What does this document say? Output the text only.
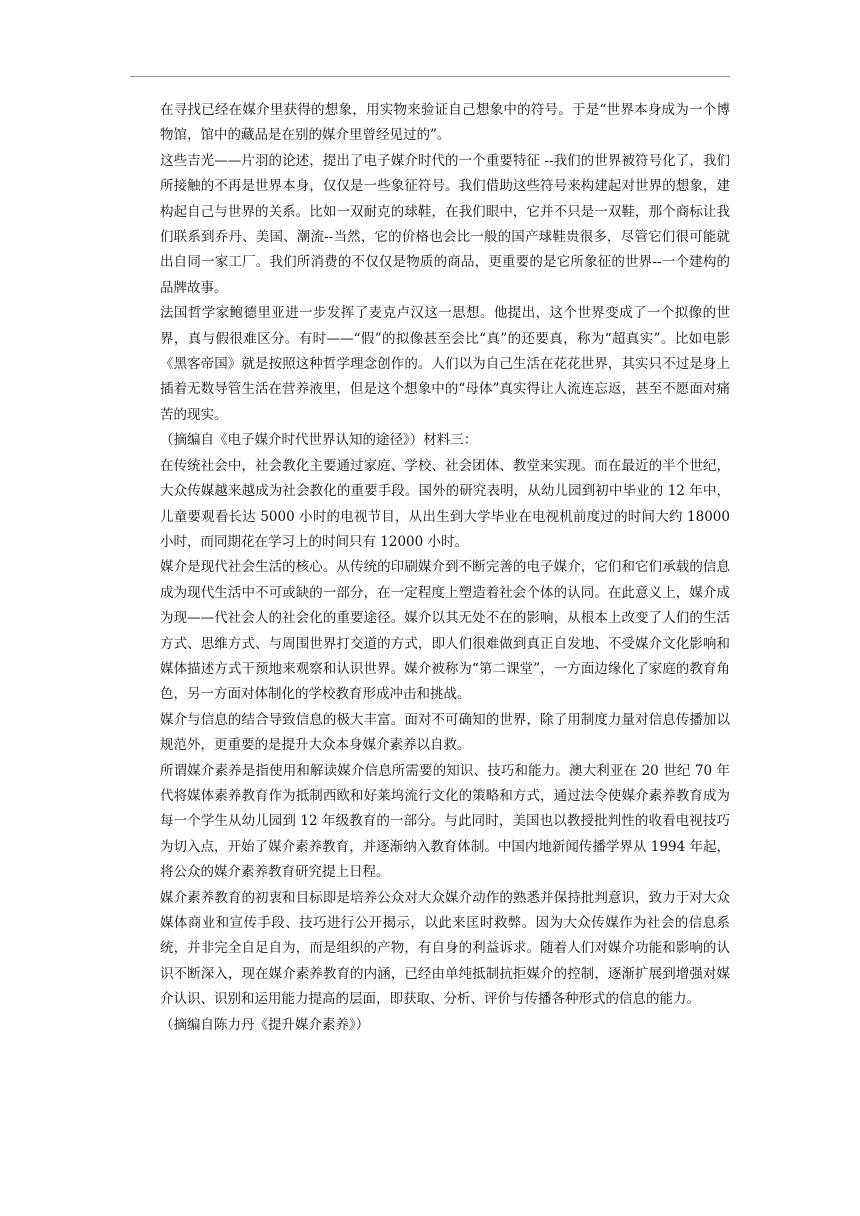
在寻找已经在媒介里获得的想象，用实物来验证自己想象中的符号。于是“世界本身成为一个博物馆，馆中的藏品是在别的媒介里曾经见过的”。

这些吉光——片羽的论述，提出了电子媒介时代的一个重要特征 --我们的世界被符号化了，我们所接触的不再是世界本身，仅仅是一些象征符号。我们借助这些符号来构建起对世界的想象，建构起自己与世界的关系。比如一双耐克的球鞋，在我们眼中，它并不只是一双鞋，那个商标让我们联系到乔丹、美国、潮流--当然，它的价格也会比一般的国产球鞋贵很多，尽管它们很可能就出自同一家工厂。我们所消费的不仅仅是物质的商品，更重要的是它所象征的世界--一个建构的品牌故事。

法国哲学家鲍德里亚进一步发挥了麦克卢汉这一思想。他提出，这个世界变成了一个拟像的世界，真与假很难区分。有时——“假”的拟像甚至会比“真”的还要真，称为“超真实”。比如电影《黑客帝国》就是按照这种哲学理念创作的。人们以为自己生活在花花世界，其实只不过是身上插着无数导管生活在营养液里，但是这个想象中的“母体”真实得让人流连忘返，甚至不愿面对痛苦的现实。

（摘编自《电子媒介时代世界认知的途径》）材料三：

在传统社会中，社会教化主要通过家庭、学校、社会团体、教堂来实现。而在最近的半个世纪，大众传媒越来越成为社会教化的重要手段。国外的研究表明，从幼儿园到初中毕业的 12 年中，儿童要观看长达 5000 小时的电视节目，从出生到大学毕业在电视机前度过的时间大约 18000 小时，而同期花在学习上的时间只有 12000 小时。

媒介是现代社会生活的核心。从传统的印刷媒介到不断完善的电子媒介，它们和它们承载的信息成为现代生活中不可或缺的一部分，在一定程度上塑造着社会个体的认同。在此意义上，媒介成为现——代社会人的社会化的重要途径。媒介以其无处不在的影响，从根本上改变了人们的生活方式、思维方式、与周围世界打交道的方式，即人们很难做到真正自发地、不受媒介文化影响和媒体描述方式干预地来观察和认识世界。媒介被称为“第二课堂”，一方面边缘化了家庭的教育角色，另一方面对体制化的学校教育形成冲击和挑战。

媒介与信息的结合导致信息的极大丰富。面对不可确知的世界，除了用制度力量对信息传播加以规范外，更重要的是提升大众本身媒介素养以自救。

所谓媒介素养是指使用和解读媒介信息所需要的知识、技巧和能力。澳大利亚在 20 世纪 70 年代将媒体素养教育作为抵制西欧和好莱坞流行文化的策略和方式，通过法令使媒介素养教育成为每一个学生从幼儿园到 12 年级教育的一部分。与此同时，美国也以教授批判性的收看电视技巧为切入点，开始了媒介素养教育，并逐渐纳入教育体制。中国内地新闻传播学界从 1994 年起，将公众的媒介素养教育研究提上日程。

媒介素养教育的初衷和目标即是培养公众对大众媒介动作的熟悉并保持批判意识，致力于对大众媒体商业和宣传手段、技巧进行公开揭示，以此来匡时救弊。因为大众传媒作为社会的信息系统，并非完全自足自为，而是组织的产物，有自身的利益诉求。随着人们对媒介功能和影响的认识不断深入，现在媒介素养教育的内涵，已经由单纯抵制抗拒媒介的控制，逐渐扩展到增强对媒介认识、识别和运用能力提高的层面，即获取、分析、评价与传播各种形式的信息的能力。

（摘编自陈力丹《提升媒介素养》）
